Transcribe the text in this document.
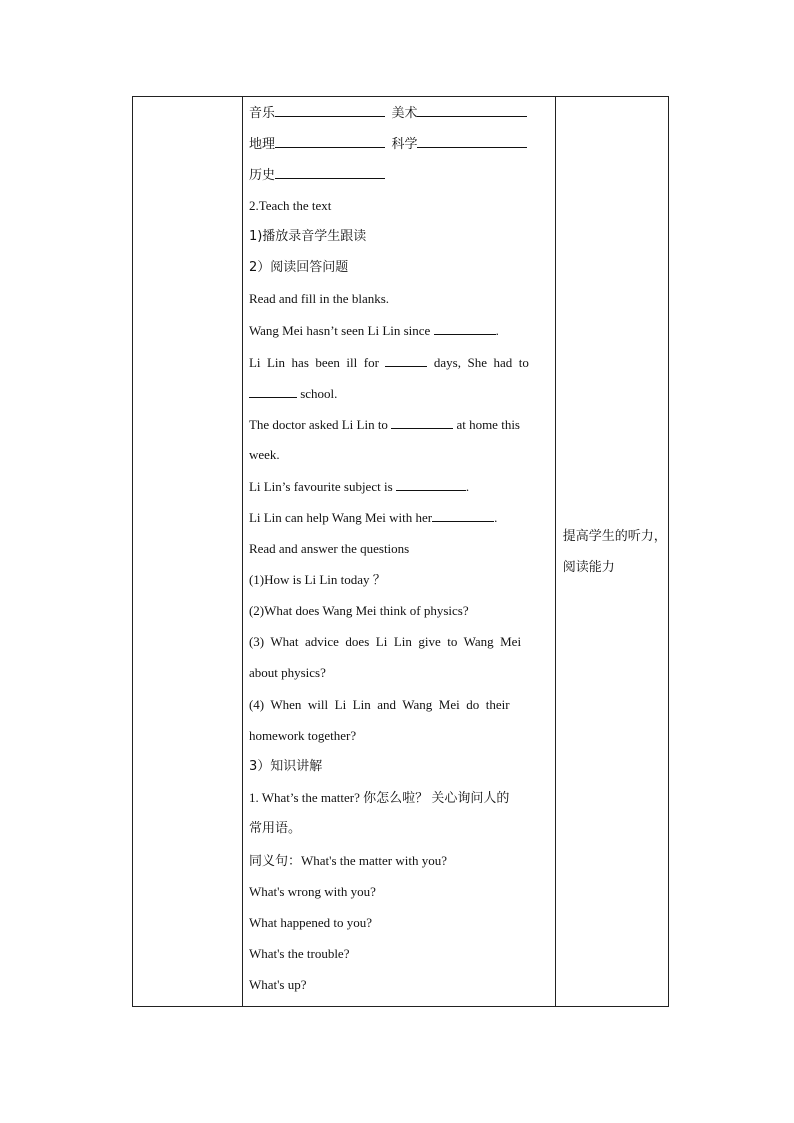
音乐	美术
地理	科学
历史
2.Teach the text
1)播放录音学生跟读
2）阅读回答问题
Read and fill in the blanks.
Wang Mei hasn’t seen Li Lin since	.
Li  Lin  has  been  ill  for	days,  She  had  to
school.
The doctor asked Li Lin to	at home this
week.
Li Lin’s favourite subject is	.
Li Lin can help Wang Mei with her	.
Read and answer the questions
(1)How is Li Lin today ？
(2)What does Wang Mei think of physics?
(3)  What  advice  does  Li  Lin  give  to  Wang  Mei
about physics?
(4)  When  will  Li  Lin  and  Wang  Mei  do  their
homework together?
3）知识讲解
1. What’s the matter? 你怎么啦？ 关心询问人的
常用语。
同义句：What's the matter with you?
What's wrong with you?
What happened to you?
What's the trouble?
What's up?

提高学生的听力，
阅读能力
